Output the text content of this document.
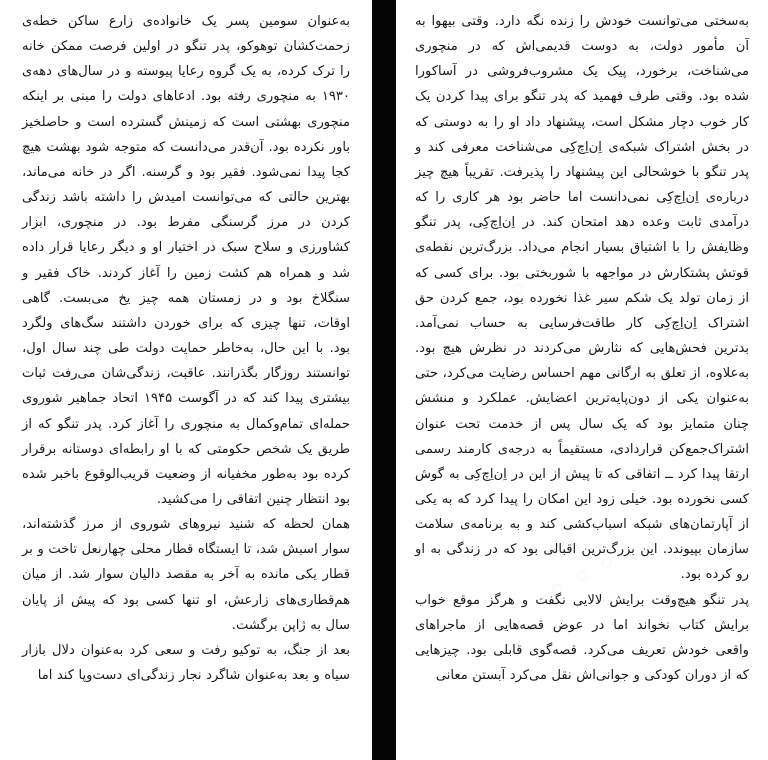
◦ ◦ ◦
◦ ◦ ◦

به‌عنوان سومین پسر یک خانواده‌ی زارع ساکن خطه‌ی زحمت‌کشان توهوکو، پدر تنگو در اولین فرصت ممکن خانه را ترک کرده، به یک گروه رعایا پیوسته و در سال‌های دهه‌ی ۱۹۳۰ به منچوری رفته بود. ادعاهای دولت را مبنی بر اینکه منچوری بهشتی است که زمینش گسترده است و حاصلخیز باور نکرده بود. آن‌قدر می‌دانست که متوجه شود بهشت هیچ کجا پیدا نمی‌شود. فقیر بود و گرسنه. اگر در خانه می‌ماند، بهترین حالتی که می‌توانست امیدش را داشته باشد زندگی کردن در مرز گرسنگی مفرط بود. در منچوری، ابزار کشاورزی و سلاح سبک در اختیار او و دیگر رعایا قرار داده شد و همراه هم کشت زمین را آغاز کردند. خاک فقیر و سنگلاخ بود و در زمستان همه چیز یخ می‌بست. گاهی اوقات، تنها چیزی که برای خوردن داشتند سگ‌های ولگرد بود. با این حال، به‌خاطر حمایت دولت طی چند سال اول، توانستند روزگار بگذرانند. عاقبت، زندگی‌شان می‌رفت ثبات بیشتری پیدا کند که در آگوست ۱۹۴۵ اتحاد جماهیر شوروی حمله‌ای تمام‌وکمال به منچوری را آغاز کرد. پدر تنگو که از طریق یک شخص حکومتی که با او رابطه‌ای دوستانه برقرار کرده بود به‌طور مخفیانه از وضعیت قریب‌الوقوع باخبر شده بود انتظار چنین اتفاقی را می‌کشید.

همان لحظه که شنید نیروهای شوروی از مرز گذشته‌اند، سوار اسبش شد، تا ایستگاه قطار محلی چهارنعل تاخت و بر قطار یکی مانده به آخر به مقصد دالیان سوار شد. از میان هم‌قطاری‌های زارعش، او تنها کسی بود که پیش از پایان سال به ژاپن برگشت.

بعد از جنگ، به توکیو رفت و سعی کرد به‌عنوان دلال بازار سیاه و بعد به‌عنوان شاگرد نجار زندگی‌ای دست‌وپا کند اما

◦ ◦ ◦
◦ ◦ ◦

به‌سختی می‌توانست خودش را زنده نگه دارد. وقتی بیهوا به آن مأمور دولت، به دوست قدیمی‌اش که در منچوری می‌شناخت، برخورد، پیک یک مشروب‌فروشی در آساکورا شده بود. وقتی طرف فهمید که پدر تنگو برای پیدا کردن یک کار خوب دچار مشکل است، پیشنهاد داد او را به دوستی که در بخش اشتراک شبکه‌ی اِن‌اِچ‌کِی می‌شناخت معرفی کند و پدر تنگو با خوشحالی این پیشنهاد را پذیرفت. تقریباً هیچ چیز درباره‌ی اِن‌اِچ‌کِی نمی‌دانست اما حاضر بود هر کاری را که درآمدی ثابت وعده دهد امتحان کند. در اِن‌اِچ‌کِی، پدر تنگو وظایفش را با اشتیاق بسیار انجام می‌داد. بزرگ‌ترین نقطه‌ی قوتش پشتکارش در مواجهه با شوربختی بود. برای کسی که از زمان تولد یک شکم سیر غذا نخورده بود، جمع کردن حق اشتراک اِن‌اِچ‌کِی کار طاقت‌فرسایی به حساب نمی‌آمد. بدترین فحش‌هایی که نثارش می‌کردند در نظرش هیچ بود. به‌علاوه، از تعلق به ارگانی مهم احساس رضایت می‌کرد، حتی به‌عنوان یکی از دون‌پایه‌ترین اعضایش. عملکرد و منشش چنان متمایز بود که یک سال پس از خدمت تحت عنوان اشتراک‌جمع‌کن قراردادی، مستقیماً به درجه‌ی کارمند رسمی ارتقا پیدا کرد ــ اتفاقی که تا پیش از این در اِن‌اِچ‌کِی به گوش کسی نخورده بود. خیلی زود این امکان را پیدا کرد که به یکی از آپارتمان‌های شبکه اسباب‌کشی کند و به برنامه‌ی سلامت سازمان بپیوندد. این بزرگ‌ترین اقبالی بود که در زندگی به او رو کرده بود.

پدر تنگو هیچ‌وقت برایش لالایی نگفت و هرگز موقع خواب برایش کتاب نخواند اما در عوض قصه‌هایی از ماجراهای واقعی خودش تعریف می‌کرد. قصه‌گوی قابلی بود. چیزهایی که از دوران کودکی و جوانی‌اش نقل می‌کرد آبستن معانی
